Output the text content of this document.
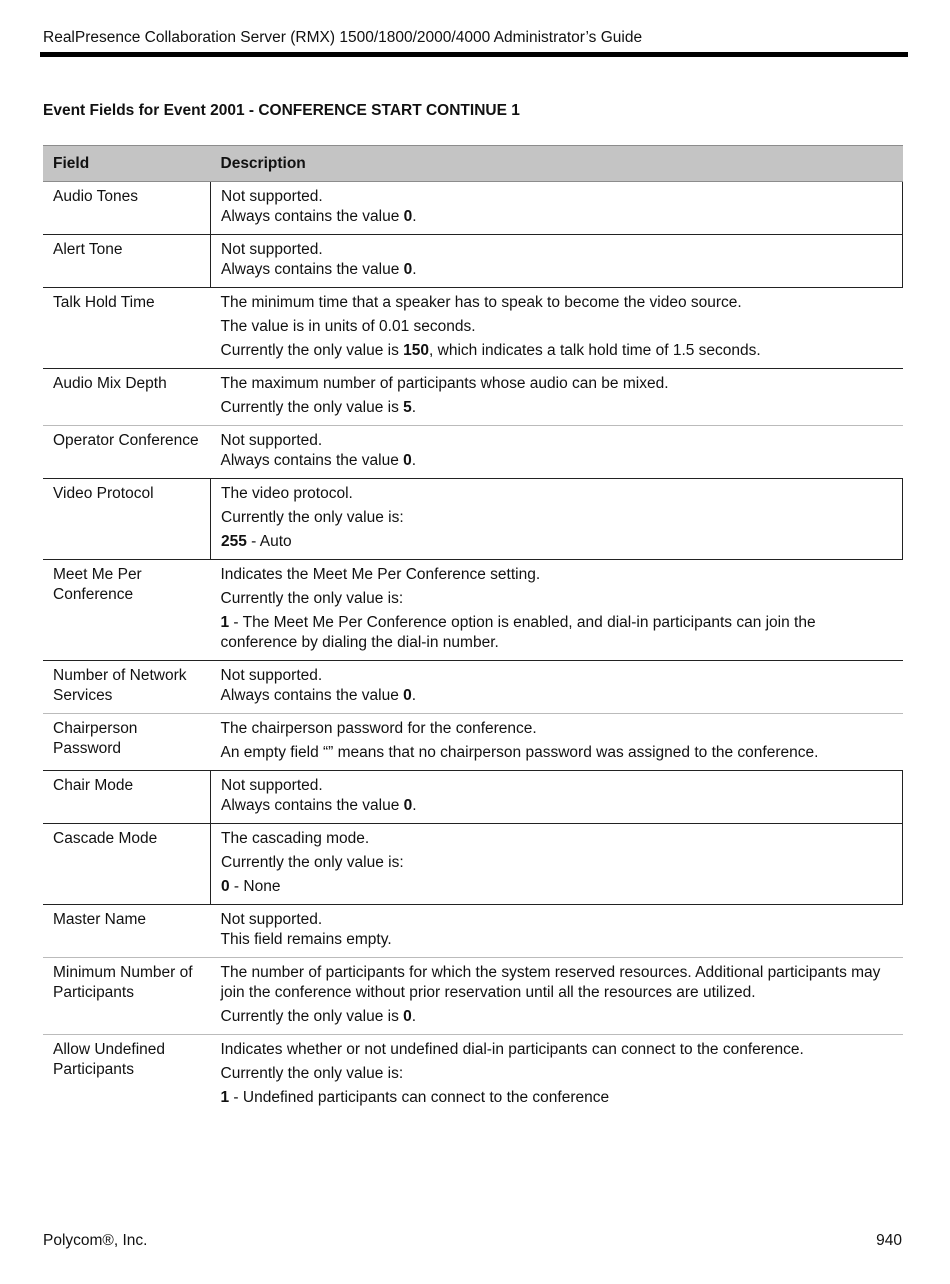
RealPresence Collaboration Server (RMX) 1500/1800/2000/4000 Administrator’s Guide
Event Fields for Event 2001 - CONFERENCE START CONTINUE 1
Field	Description
Audio Tones	Not supported.
Always contains the value 0.

Alert Tone	Not supported.
Always contains the value 0.

Talk Hold Time	The minimum time that a speaker has to speak to become the video source.
The value is in units of 0.01 seconds.
Currently the only value is 150, which indicates a talk hold time of 1.5 seconds.

Audio Mix Depth	The maximum number of participants whose audio can be mixed.
Currently the only value is 5.

Operator Conference	Not supported.
Always contains the value 0.

Video Protocol	The video protocol.
Currently the only value is:
255 - Auto

Meet Me Per Conference	Indicates the Meet Me Per Conference setting.
Currently the only value is:
1 - The Meet Me Per Conference option is enabled, and dial-in participants can join the conference by dialing the dial-in number.

Number of Network Services	Not supported.
Always contains the value 0.

Chairperson Password	The chairperson password for the conference.
An empty field “” means that no chairperson password was assigned to the conference.

Chair Mode	Not supported.
Always contains the value 0.

Cascade Mode	The cascading mode.
Currently the only value is:
0 - None

Master Name	Not supported.
This field remains empty.

Minimum Number of Participants	The number of participants for which the system reserved resources. Additional participants may join the conference without prior reservation until all the resources are utilized.
Currently the only value is 0.

Allow Undefined Participants	Indicates whether or not undefined dial-in participants can connect to the conference.
Currently the only value is:
1 - Undefined participants can connect to the conference
Polycom®, Inc.	940
